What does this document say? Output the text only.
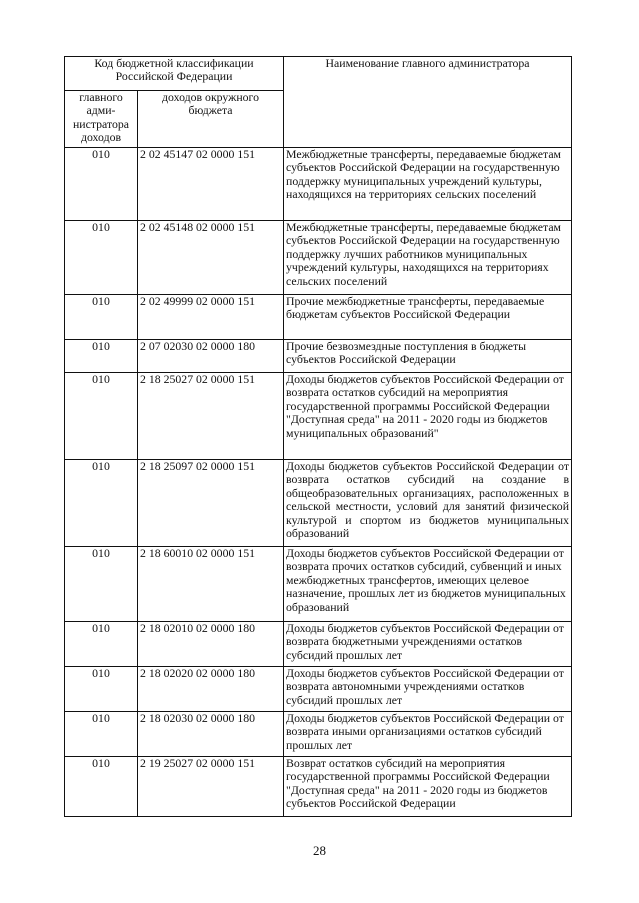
Код бюджетной классификации Российской Федерации		Наименование главного администратора
главного адми-нистратора доходов	доходов окружного бюджета	
010	2 02 45147 02 0000 151	Межбюджетные трансферты, передаваемые бюджетам субъектов Российской Федерации на государственную поддержку муниципальных учреждений культуры, находящихся на территориях сельских поселений
010	2 02 45148 02 0000 151	Межбюджетные трансферты, передаваемые бюджетам субъектов Российской Федерации на государственную поддержку лучших работников муниципальных учреждений культуры, находящихся на территориях сельских поселений
010	2 02 49999 02 0000 151	Прочие межбюджетные трансферты, передаваемые бюджетам субъектов Российской Федерации
010	2 07 02030 02 0000 180	Прочие безвозмездные поступления в бюджеты субъектов Российской Федерации
010	2 18 25027 02 0000 151	Доходы бюджетов субъектов Российской Федерации от возврата остатков субсидий на мероприятия государственной программы Российской Федерации "Доступная среда" на 2011 - 2020 годы из бюджетов муниципальных образований"
010	2 18 25097 02 0000 151	Доходы бюджетов субъектов Российской Федерации от возврата остатков субсидий на создание в общеобразовательных организациях, расположенных в сельской местности, условий для занятий физической культурой и спортом из бюджетов муниципальных образований
010	2 18 60010 02 0000 151	Доходы бюджетов субъектов Российской Федерации от возврата прочих остатков субсидий, субвенций и иных межбюджетных трансфертов, имеющих целевое назначение, прошлых лет из бюджетов муниципальных образований
010	2 18 02010 02 0000 180	Доходы бюджетов субъектов Российской Федерации от возврата бюджетными учреждениями остатков субсидий прошлых лет
010	2 18 02020 02 0000 180	Доходы бюджетов субъектов Российской Федерации от возврата автономными учреждениями остатков субсидий прошлых лет
010	2 18 02030 02 0000 180	Доходы бюджетов субъектов Российской Федерации от возврата иными организациями остатков субсидий прошлых лет
010	2 19 25027 02 0000 151	Возврат остатков субсидий на мероприятия государственной программы Российской Федерации "Доступная среда" на 2011 - 2020 годы из бюджетов субъектов Российской Федерации
28
